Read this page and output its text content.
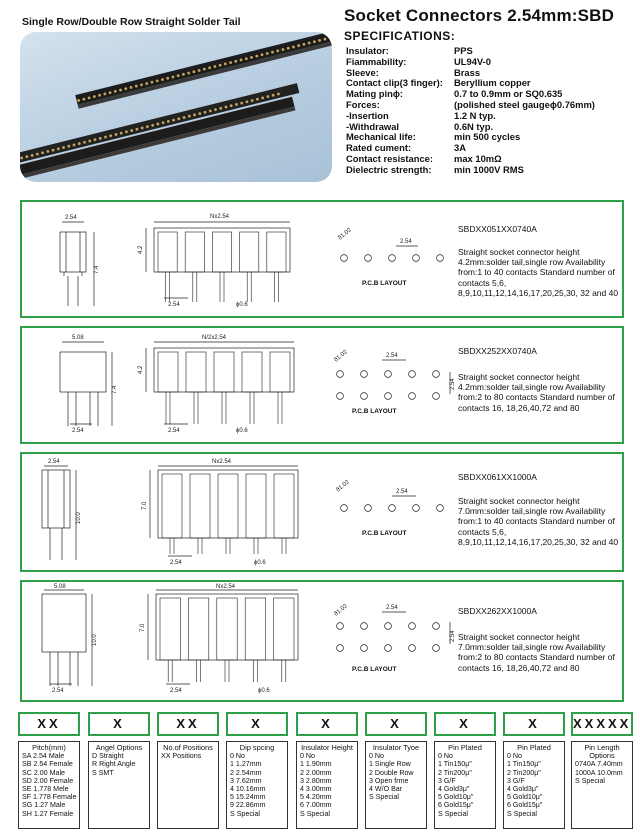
Single Row/Double Row Straight Solder Tail	Socket Connectors 2.54mm:SBD
SPECIFICATIONS:
Insulator:	PPS
Fiammability:	UL94V-0
Sleeve:	Brass
Contact clip(3 finger):	Beryllium copper
Mating pinϕ:	0.7 to 0.9mm or SQ0.635
Forces:	(polished steel gaugeϕ0.76mm)
-Insertion	1.2 N typ.
-Withdrawal	0.6N typ.
Mechanical life:	min 500 cycles
Rated cument:	3A
Contact resistance:	max 10mΩ
Dielectric strength:	min 1000V RMS
2.54
7.4
Nx2.54
4.2
2.54	ϕ0.6
ϑ1.02
2.54
P.C.B LAYOUT
SBDXX051XX0740A
Straight socket connector height 4.2mm:solder tail,single row Availability from:1 to 40 contacts Standard number of contacts 5,6, 8,9,10,11,12,14,16,17,20,25,30, 32 and 40
5.08
7.4
2.54
N/2x2.54
4.2
2.54	ϕ0.6
ϑ1.02	2.54
2.54
P.C.B LAYOUT
SBDXX252XX0740A
Straight socket connector height 4.2mm:solder tail,single row Availability from:2 to 80 contacts Standard number of contacts 16, 18,26,40,72 and 80
2.54
10.0
Nx2.54
7.0
2.54	ϕ0.6
ϑ1.02	2.54
P.C.B LAYOUT
SBDXX061XX1000A
Straight socket connector height 7.0mm:solder tail,single row Availability from:1 to 40 contacts Standard number of contacts 5,6, 8,9,10,11,12,14,16,17,20,25,30, 32 and 40
5.08
10.0
2.54
Nx2.54
7.0
2.54	ϕ0.6
ϑ1.02	2.54
2.54
P.C.B LAYOUT
SBDXX262XX1000A
Straight socket connector height 7.0mm:solder tail,single row Availability from:2 to 80 contacts Standard number of contacts 16, 18,26,40,72 and 80
XX	X	XX	X	X	X	X	X	XXXXX
Pitch(mm)
SA 2.54 Male
SB 2.54 Female
SC 2.00 Male
SD 2.00 Female
SE 1.778 Mele
SF 1.778 Female
SG 1.27 Male
SH 1.27 Female
Angel Options
D Straight
R Right Angle
S SMT
No.of Positions
XX Positions
Dip spcing
0 No
1 1.27mm
2 2.54mm
3 7.62mm
4 10.16mm
5 15.24mm
9 22.86mm
S Special
Insulator Height
0 No
1 1.90mm
2 2.00mm
3 2.80mm
4 3.00mm
5 4.20mm
6 7.00mm
S Special
Insulator Tyoe
0 No
1 Single Row
2 Double Row
3 Open frme
4 W/O Bar
S Special
Pin Plated
0 No
1 Tin150μ"
2 Tin200μ"
3 G/F
4 Gold3μ"
5 Gold10μ"
6 Gold15μ"
S Special
Pin Plated
0 No
1 Tin150μ"
2 Tin200μ"
3 G/F
4 Gold3μ"
5 Gold10μ"
6 Gold15μ"
S Special
Pin Length Options
0740A 7.40mm
1000A 10.0mm
S Special
